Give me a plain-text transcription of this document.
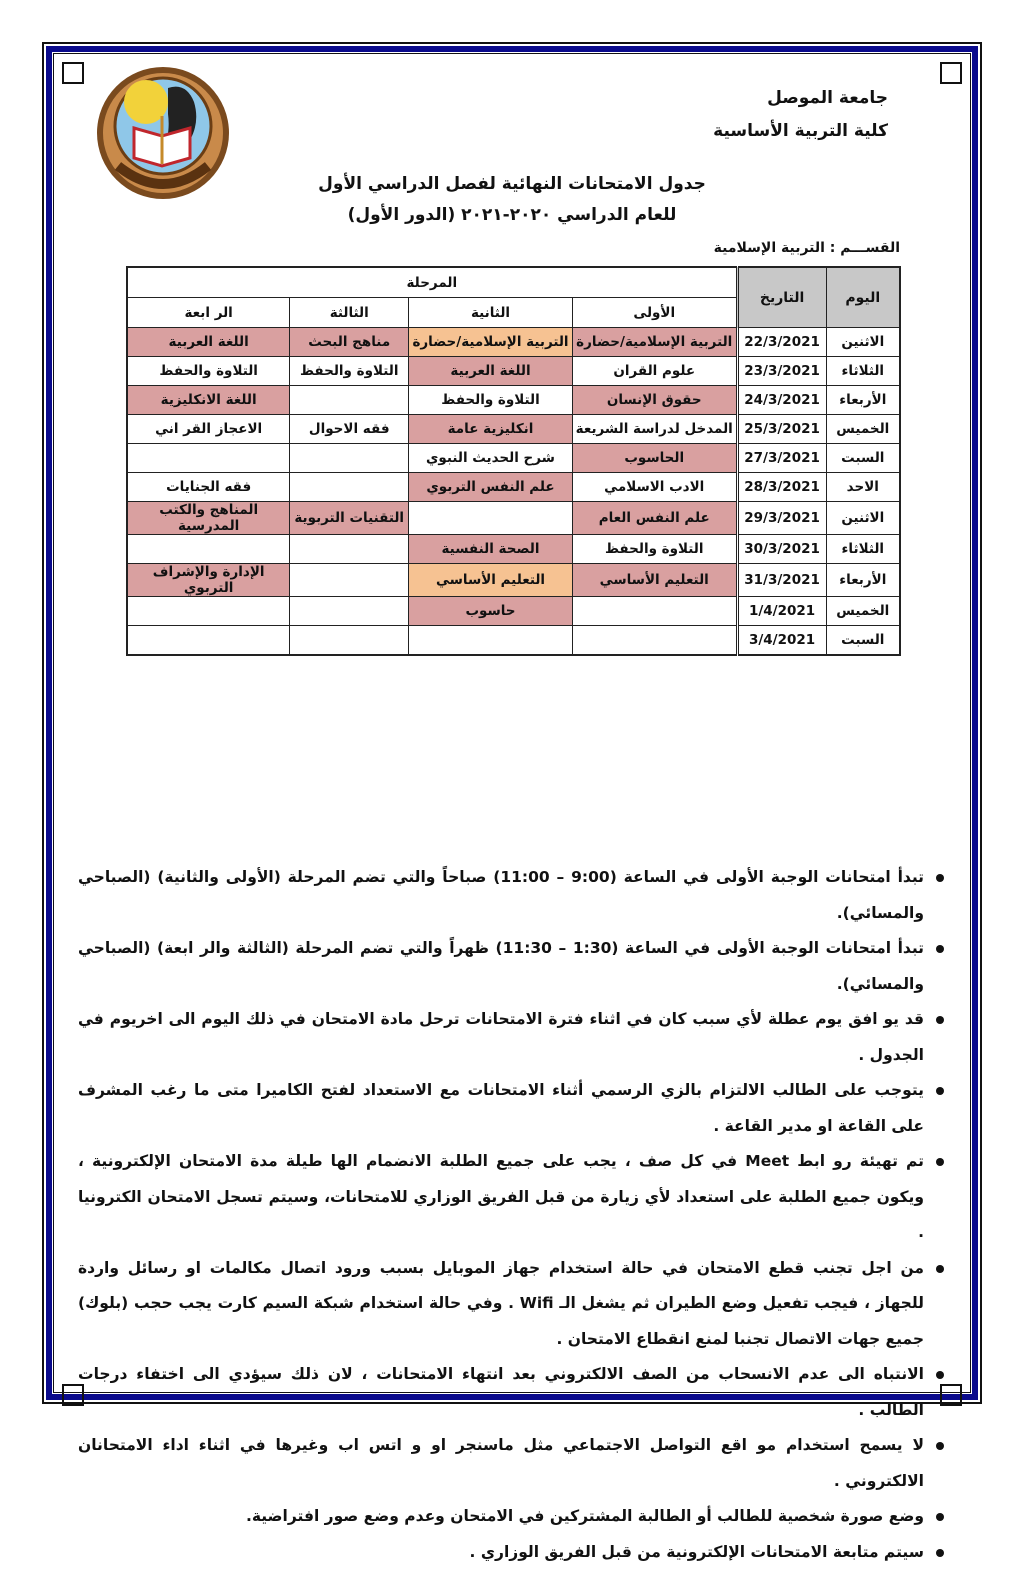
جامعة الموصل
كلية التربية الأساسية
جدول الامتحانات النهائية لفصل الدراسي الأول
للعام الدراسي ٢٠٢٠-٢٠٢١ (الدور الأول)
القســـم : التربية الإسلامية
اليوم	التاريخ	المرحلة			
		الأولى	الثانية	الثالثة	الر ابعة
الاثنين	22/3/2021	التربية الإسلامية/حضارة	التربية الإسلامية/حضارة	مناهج البحث	اللغة العربية
الثلاثاء	23/3/2021	علوم القران	اللغة العربية	التلاوة والحفظ	التلاوة والحفظ
الأربعاء	24/3/2021	حقوق الإنسان	التلاوة والحفظ		اللغة الانكليزية
الخميس	25/3/2021	المدخل لدراسة الشريعة	انكليزية عامة	فقه الاحوال	الاعجاز القر اني
السبت	27/3/2021	الحاسوب	شرح الحديث النبوي		
الاحد	28/3/2021	الادب الاسلامي	علم النفس التربوي		فقه الجنايات
الاثنين	29/3/2021	علم النفس العام		التقنيات التربوية	المناهج والكتب المدرسية
الثلاثاء	30/3/2021	التلاوة والحفظ	الصحة النفسية		
الأربعاء	31/3/2021	التعليم الأساسي	التعليم الأساسي		الإدارة والإشراف التربوي
الخميس	1/4/2021		حاسوب		
السبت	3/4/2021				
تبدأ امتحانات الوجبة الأولى في الساعة (9:00 – 11:00) صباحاً والتي تضم المرحلة (الأولى والثانية) (الصباحي والمسائي).
تبدأ امتحانات الوجبة الأولى في الساعة (1:30 – 11:30) ظهراً والتي تضم المرحلة (الثالثة والر ابعة) (الصباحي والمسائي).
قد يو افق يوم عطلة لأي سبب كان في اثناء فترة الامتحانات ترحل مادة الامتحان في ذلك اليوم الى اخريوم في الجدول .
يتوجب على الطالب الالتزام بالزي الرسمي أثناء الامتحانات مع الاستعداد لفتح الكاميرا متى ما رغب المشرف على القاعة او مدير القاعة .
تم تهيئة رو ابط Meet في كل صف ، يجب على جميع الطلبة الانضمام الها طيلة مدة الامتحان الإلكترونية ، ويكون جميع الطلبة على استعداد لأي زيارة من قبل الفريق الوزاري للامتحانات، وسيتم تسجل الامتحان الكترونيا .
من اجل تجنب قطع الامتحان في حالة استخدام جهاز الموبايل بسبب ورود اتصال مكالمات او رسائل واردة للجهاز ، فيجب تفعيل وضع الطيران ثم يشغل الـ Wifi . وفي حالة استخدام شبكة السيم كارت يجب حجب (بلوك) جميع جهات الاتصال تجنبا لمنع انقطاع الامتحان .
الانتباه الى عدم الانسحاب من الصف الالكتروني بعد انتهاء الامتحانات ، لان ذلك سيؤدي الى اختفاء درجات الطالب .
لا يسمح استخدام مو اقع التواصل الاجتماعي مثل ماسنجر او و اتس اب وغيرها في اثناء اداء الامتحانان الالكتروني .
وضع صورة شخصية للطالب أو الطالبة المشتركين في الامتحان وعدم وضع صور افتراضية.
سيتم متابعة الامتحانات الإلكترونية من قبل الفريق الوزاري .
